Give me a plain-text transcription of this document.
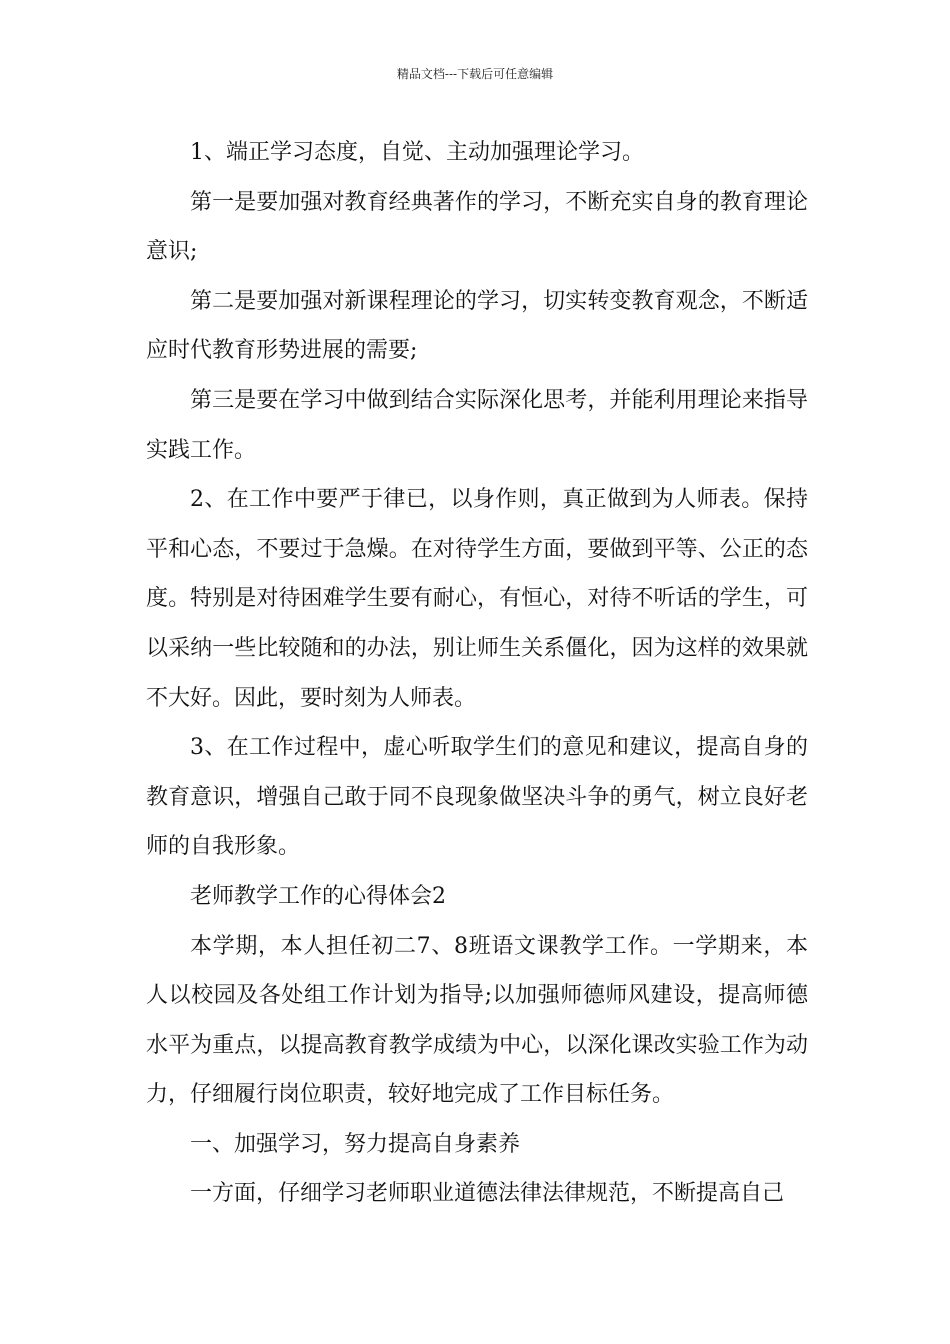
精品文档---下载后可任意编辑

1、端正学习态度，自觉、主动加强理论学习。

第一是要加强对教育经典著作的学习，不断充实自身的教育理论意识;

第二是要加强对新课程理论的学习，切实转变教育观念，不断适应时代教育形势进展的需要;

第三是要在学习中做到结合实际深化思考，并能利用理论来指导实践工作。

2、在工作中要严于律已，以身作则，真正做到为人师表。保持平和心态，不要过于急燥。在对待学生方面，要做到平等、公正的态度。特别是对待困难学生要有耐心，有恒心，对待不听话的学生，可以采纳一些比较随和的办法，别让师生关系僵化，因为这样的效果就不大好。因此，要时刻为人师表。

3、在工作过程中，虚心听取学生们的意见和建议，提高自身的教育意识，增强自己敢于同不良现象做坚决斗争的勇气，树立良好老师的自我形象。

老师教学工作的心得体会2

本学期，本人担任初二7、8班语文课教学工作。一学期来，本人以校园及各处组工作计划为指导;以加强师德师风建设，提高师德水平为重点，以提高教育教学成绩为中心，以深化课改实验工作为动力，仔细履行岗位职责，较好地完成了工作目标任务。

一、加强学习，努力提高自身素养

一方面，仔细学习老师职业道德法律法律规范，不断提高自己
